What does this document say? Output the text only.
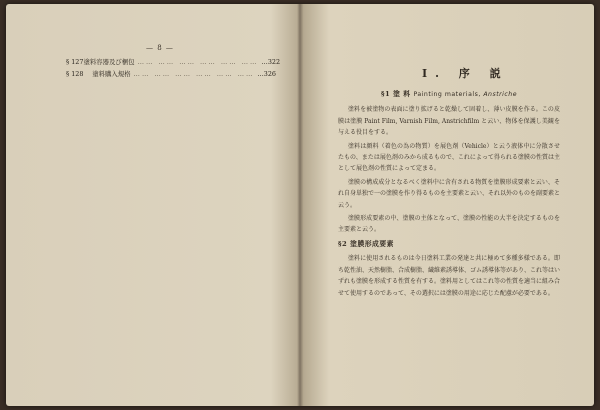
— 8 —
§ 127 塗料容器及び梱包 …… …… …… …… …… …… …322
§ 128	塗料購入規格 …… …… …… …… …… …… …326	I. 序 説
§1 塗 料 Painting materials, Anstriche

塗料を被塗物の表面に塗り拡げると乾燥して固着し、薄い皮膜を作る。この皮膜は塗膜 Paint Film, Varnish Film, Anstrichfilm と云い、物体を保護し美観を与える役目をする。

塗料は顔料（着色の為の物質）を展色剤（Vehicle）と云う液体中に分散させたもの、または展色剤のみから成るもので、これによって得られる塗膜の性質は主として展色剤の性質によって定まる。

塗膜の構成成分となるべく塗料中に含有される物質を塗膜形成要素と云い、それ自身単独で一の塗膜を作り得るものを主要素と云い、それ以外のものを副要素と云う。

塗膜形成要素の中、塗膜の主体となって、塗膜の性能の大半を決定するものを主要素と云う。

§2 塗膜形成要素

塗料に使用されるものは今日塗料工業の発達と共に極めて多種多様である。即ち乾性油、天然樹脂、合成樹脂、繊維素誘導体、ゴム誘導体等があり、これ等はいずれも塗膜を形成する性質を有する。塗料用としてはこれ等の性質を適当に組み合せて使用するのであって、その選択には塗膜の用途に応じた配慮が必要である。
